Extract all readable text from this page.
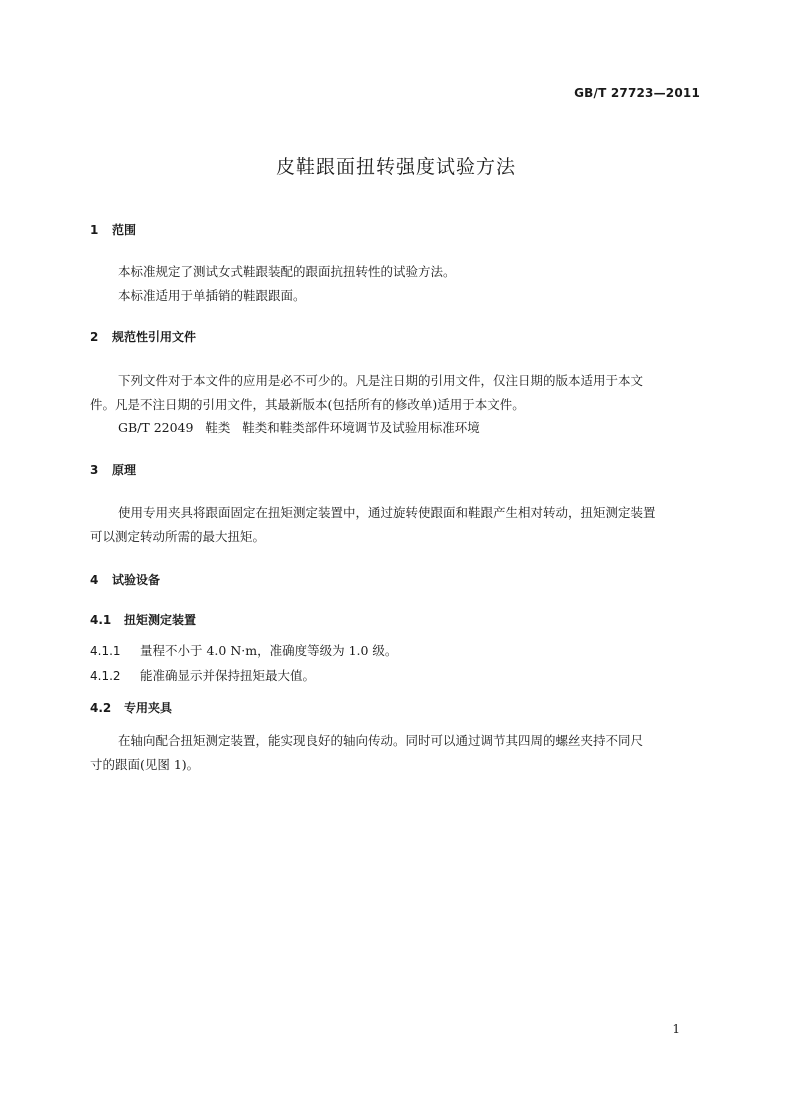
GB/T 27723—2011
皮鞋跟面扭转强度试验方法
1 范围
本标准规定了测试女式鞋跟装配的跟面抗扭转性的试验方法。
本标准适用于单插销的鞋跟跟面。
2 规范性引用文件
下列文件对于本文件的应用是必不可少的。凡是注日期的引用文件，仅注日期的版本适用于本文
件。凡是不注日期的引用文件，其最新版本(包括所有的修改单)适用于本文件。
GB/T 22049   鞋类   鞋类和鞋类部件环境调节及试验用标准环境
3 原理
使用专用夹具将跟面固定在扭矩测定装置中，通过旋转使跟面和鞋跟产生相对转动，扭矩测定装置
可以测定转动所需的最大扭矩。
4 试验设备
4.1 扭矩测定装置
4.1.1 量程不小于 4.0 N·m，准确度等级为 1.0 级。
4.1.2 能准确显示并保持扭矩最大值。
4.2 专用夹具
在轴向配合扭矩测定装置，能实现良好的轴向传动。同时可以通过调节其四周的螺丝夹持不同尺
寸的跟面(见图 1)。
1
